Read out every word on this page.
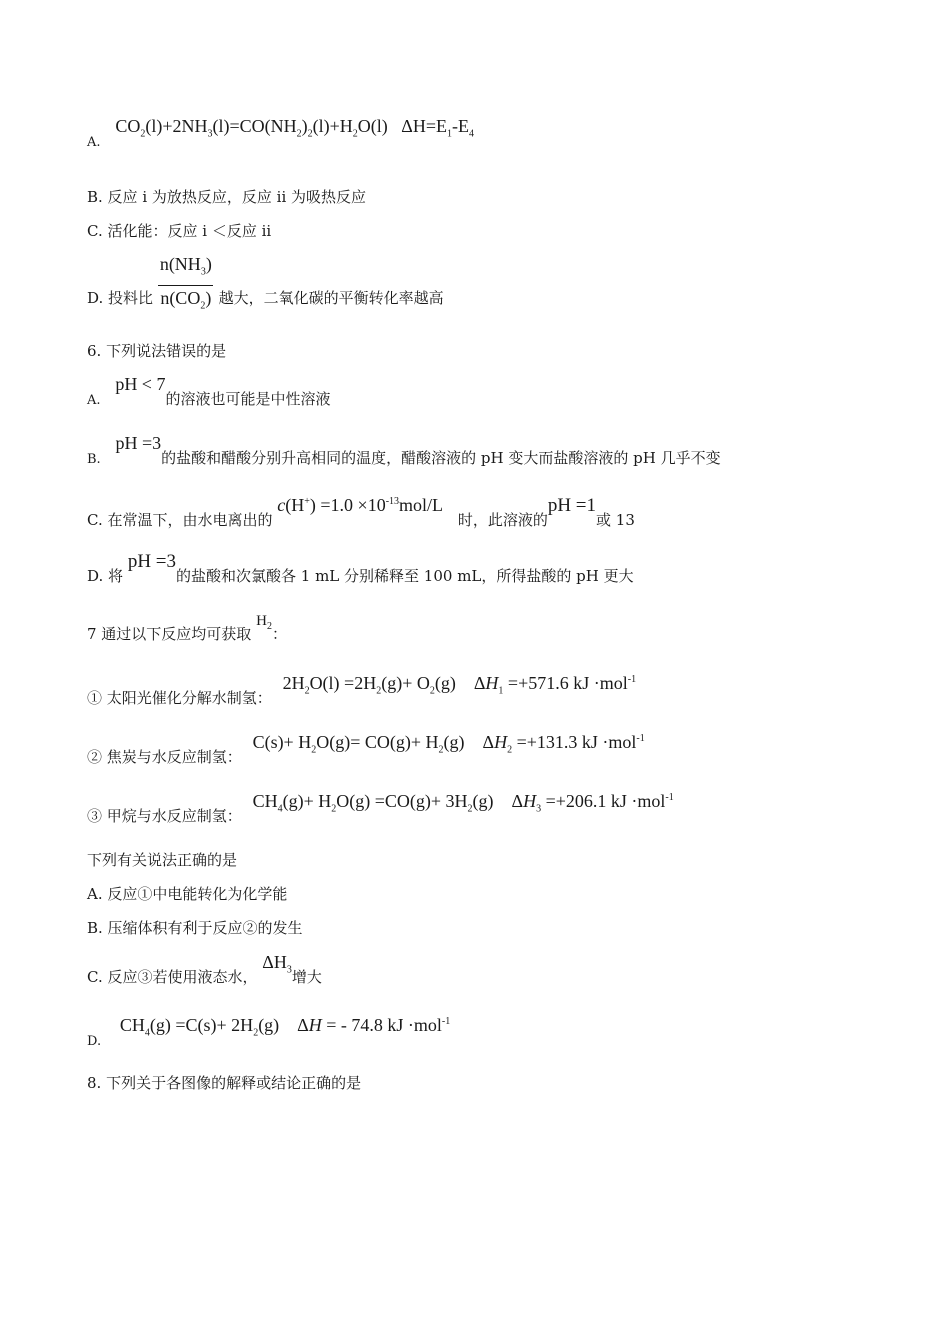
A. $CO_2(l)+2NH_3(l)=CO(NH_2)_2(l)+H_2O(l)$   $\Delta H=E_1-E_4$
B. 反应 i 为放热反应，反应 ii 为吸热反应
C. 活化能：反应 i ＜反应 ii
D. 投料比 $\frac{n(NH_3)}{n(CO_2)}$ 越大，二氧化碳的平衡转化率越高
6. 下列说法错误的是
A. pH < 7的溶液也可能是中性溶液
B. pH =3的盐酸和醋酸分别升高相同的温度，醋酸溶液的 pH 变大而盐酸溶液的 pH 几乎不变
C. 在常温下，由水电离出的 $c(H^+) =1.0 \times 10^{-13}mol/L$ 时，此溶液的pH =1或 13
D. 将 pH =3的盐酸和次氯酸各 1 mL 分别稀释至 100 mL，所得盐酸的 pH 更大
7 通过以下反应均可获取 $H_2$：
① 太阳光催化分解水制氢： $2H_2O(l) =2H_2(g)+ O_2(g)$    $\Delta H_1 =+571.6$ kJ ·mol$^{-1}$
② 焦炭与水反应制氢： $C(s)+ H_2O(g)= CO(g)+ H_2(g)$    $\Delta H_2 =+131.3$ kJ ·mol$^{-1}$
③ 甲烷与水反应制氢： $CH_4(g)+ H_2O(g) =CO(g)+ 3H_2(g)$    $\Delta H_3 =+206.1$ kJ ·mol$^{-1}$
下列有关说法正确的是
A. 反应①中电能转化为化学能
B. 压缩体积有利于反应②的发生
C. 反应③若使用液态水， $\Delta H_3$增大
D. $CH_4(g) =C(s)+ 2H_2(g)$    ΔH = - 74.8 kJ ·mol$^{-1}$
8. 下列关于各图像的解释或结论正确的是
